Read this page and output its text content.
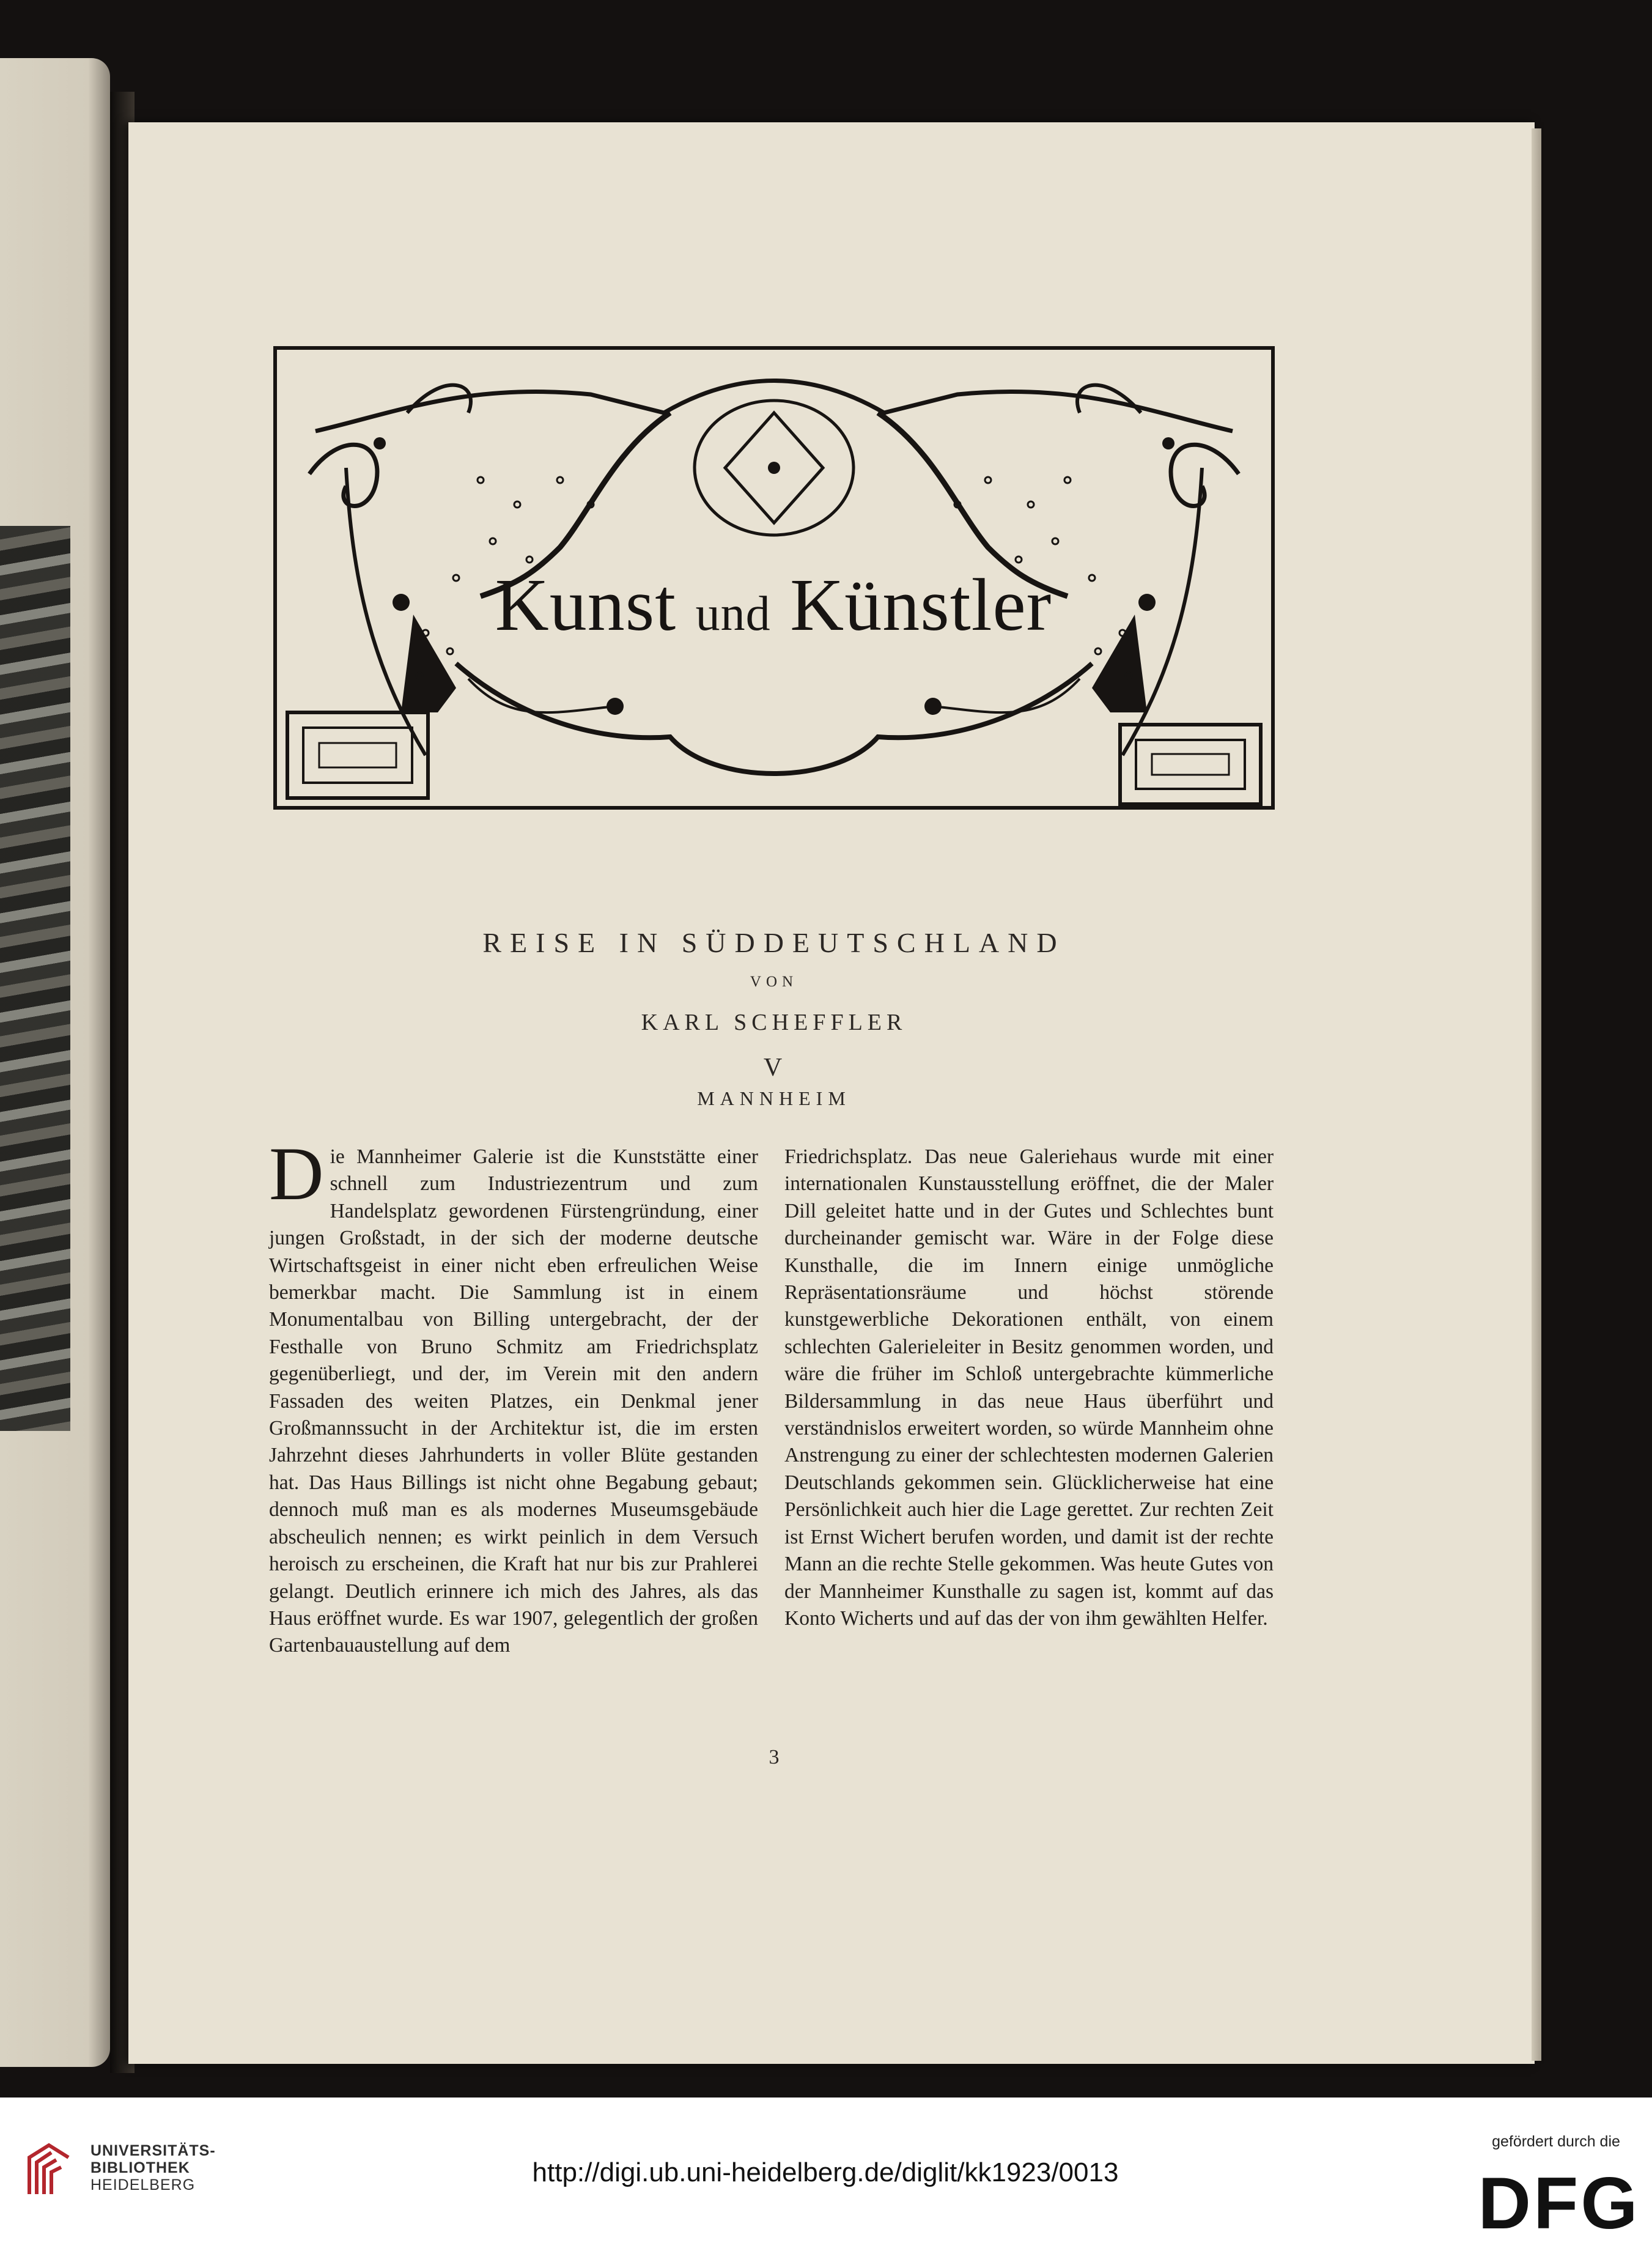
Kunst und Künstler
REISE IN SÜDDEUTSCHLAND
VON
KARL SCHEFFLER
V
MANNHEIM
Die Mannheimer Galerie ist die Kunststätte einer schnell zum Industriezentrum und zum Handelsplatz gewordenen Fürstengründung, einer jungen Großstadt, in der sich der moderne deutsche Wirtschaftsgeist in einer nicht eben erfreulichen Weise bemerkbar macht. Die Sammlung ist in einem Monumentalbau von Billing untergebracht, der der Festhalle von Bruno Schmitz am Friedrichsplatz gegenüberliegt, und der, im Verein mit den andern Fassaden des weiten Platzes, ein Denkmal jener Großmannssucht in der Architektur ist, die im ersten Jahrzehnt dieses Jahrhunderts in voller Blüte gestanden hat. Das Haus Billings ist nicht ohne Begabung gebaut; dennoch muß man es als modernes Museumsgebäude abscheulich nennen; es wirkt peinlich in dem Versuch heroisch zu erscheinen, die Kraft hat nur bis zur Prahlerei gelangt. Deutlich erinnere ich mich des Jahres, als das Haus eröffnet wurde. Es war 1907, gelegentlich der großen Gartenbauaustellung auf dem
Friedrichsplatz. Das neue Galeriehaus wurde mit einer internationalen Kunstausstellung eröffnet, die der Maler Dill geleitet hatte und in der Gutes und Schlechtes bunt durcheinander gemischt war. Wäre in der Folge diese Kunsthalle, die im Innern einige unmögliche Repräsentationsräume und höchst störende kunstgewerbliche Dekorationen enthält, von einem schlechten Galerieleiter in Besitz genommen worden, und wäre die früher im Schloß untergebrachte kümmerliche Bildersammlung in das neue Haus überführt und verständnislos erweitert worden, so würde Mannheim ohne Anstrengung zu einer der schlechtesten modernen Galerien Deutschlands gekommen sein. Glücklicherweise hat eine Persönlichkeit auch hier die Lage gerettet. Zur rechten Zeit ist Ernst Wichert berufen worden, und damit ist der rechte Mann an die rechte Stelle gekommen. Was heute Gutes von der Mannheimer Kunsthalle zu sagen ist, kommt auf das Konto Wicherts und auf das der von ihm gewählten Helfer.
3
UNIVERSITÄTS-
BIBLIOTHEK
HEIDELBERG	http://digi.ub.uni-heidelberg.de/diglit/kk1923/0013
gefördert durch die
DFG
